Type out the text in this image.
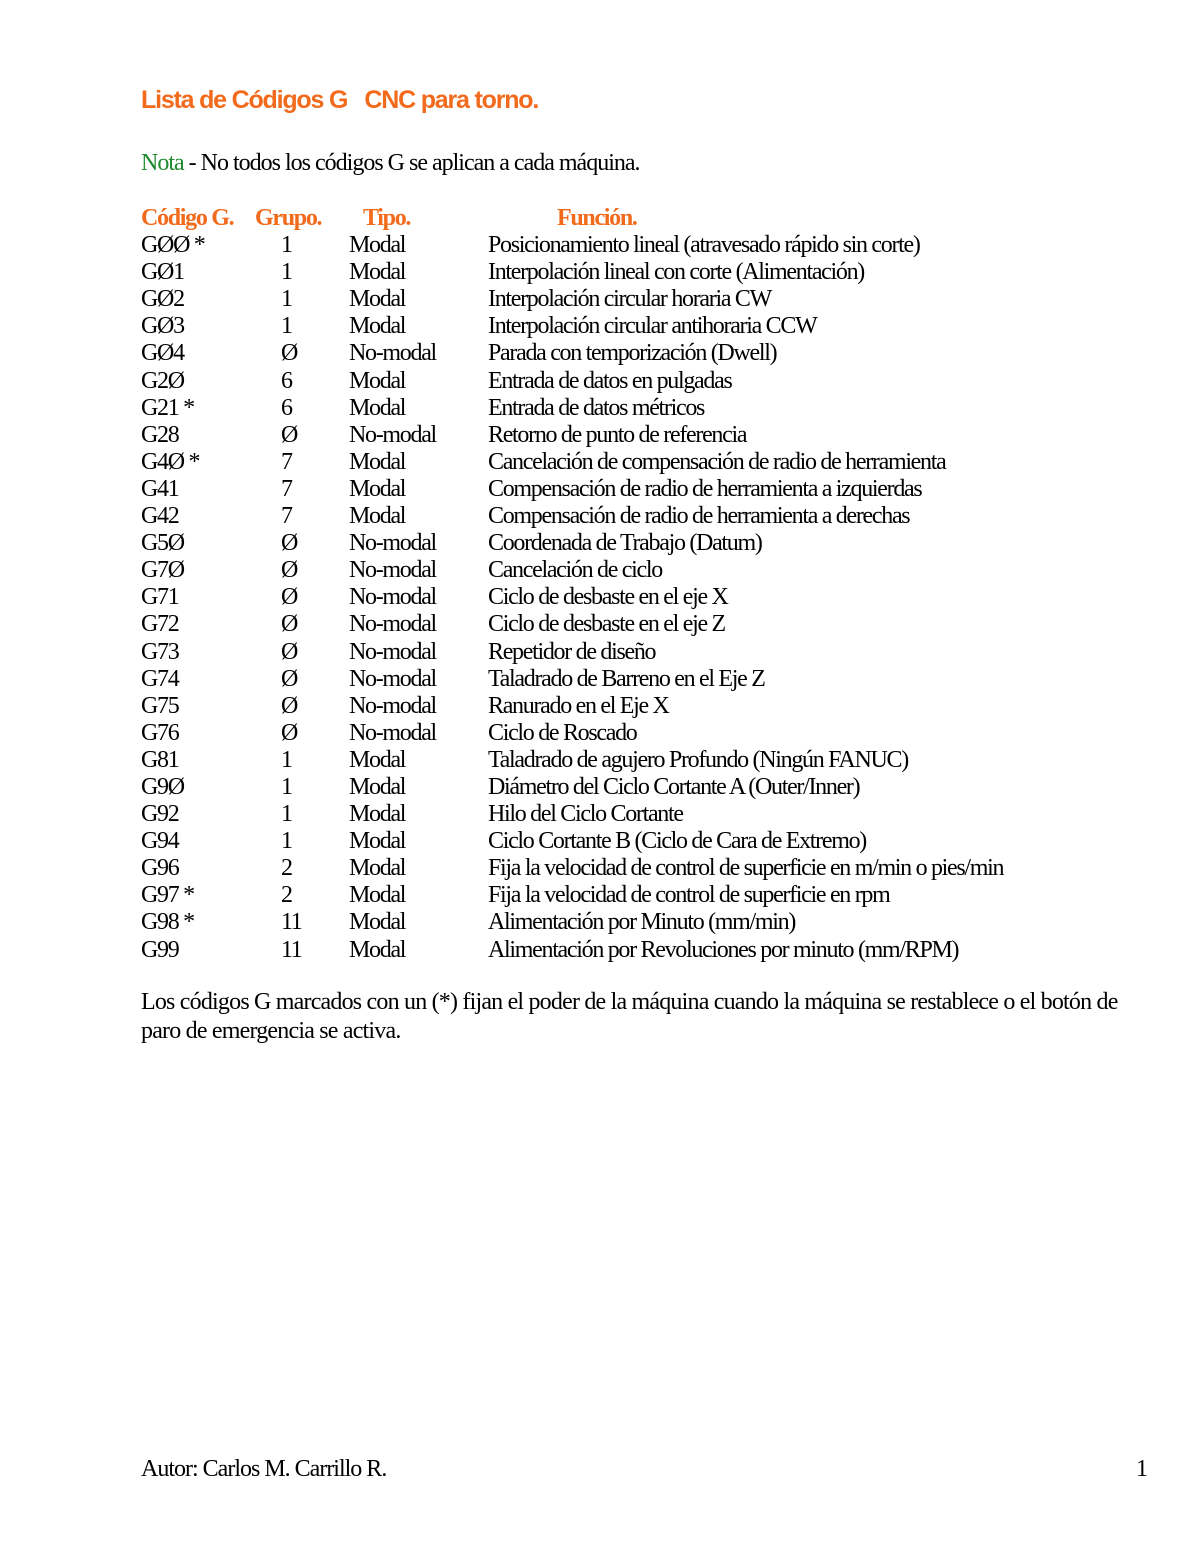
Lista de Códigos G   CNC para torno.
Nota - No todos los códigos G se aplican a cada máquina.
Código G. Grupo. Tipo.	Función.
GØØ *	1 Modal	Posicionamiento lineal (atravesado rápido sin corte)
GØ1	1 Modal	Interpolación lineal con corte (Alimentación)
GØ2	1 Modal	Interpolación circular horaria CW
GØ3	1 Modal	Interpolación circular antihoraria CCW
GØ4	Ø No-modal Parada con temporización (Dwell)
G2Ø	6 Modal	Entrada de datos en pulgadas
G21 *	6 Modal	Entrada de datos métricos
G28	Ø No-modal Retorno de punto de referencia
G4Ø *	7 Modal	Cancelación de compensación de radio de herramienta
G41	7 Modal	Compensación de radio de herramienta a izquierdas
G42	7 Modal	Compensación de radio de herramienta a derechas
G5Ø	Ø No-modal Coordenada de Trabajo (Datum)
G7Ø	Ø No-modal Cancelación de ciclo
G71	Ø No-modal Ciclo de desbaste en el eje X
G72	Ø No-modal Ciclo de desbaste en el eje Z
G73	Ø No-modal Repetidor de diseño
G74	Ø No-modal Taladrado de Barreno en el Eje Z
G75	Ø No-modal Ranurado en el Eje X
G76	Ø No-modal Ciclo de Roscado
G81	1 Modal	Taladrado de agujero Profundo (Ningún FANUC)
G9Ø	1 Modal	Diámetro del Ciclo Cortante A (Outer/Inner)
G92	1 Modal	Hilo del Ciclo Cortante
G94	1 Modal	Ciclo Cortante B (Ciclo de Cara de Extremo)
G96	2 Modal	Fija la velocidad de control de superficie en m/min o pies/min
G97 *	2 Modal	Fija la velocidad de control de superficie en rpm
G98 *	11 Modal	Alimentación por Minuto (mm/min)
G99	11 Modal	Alimentación por Revoluciones por minuto (mm/RPM)
Los códigos G marcados con un (*) fijan el poder de la máquina cuando la máquina se restablece o el botón de paro de emergencia se activa.
Autor: Carlos M. Carrillo R.	1
